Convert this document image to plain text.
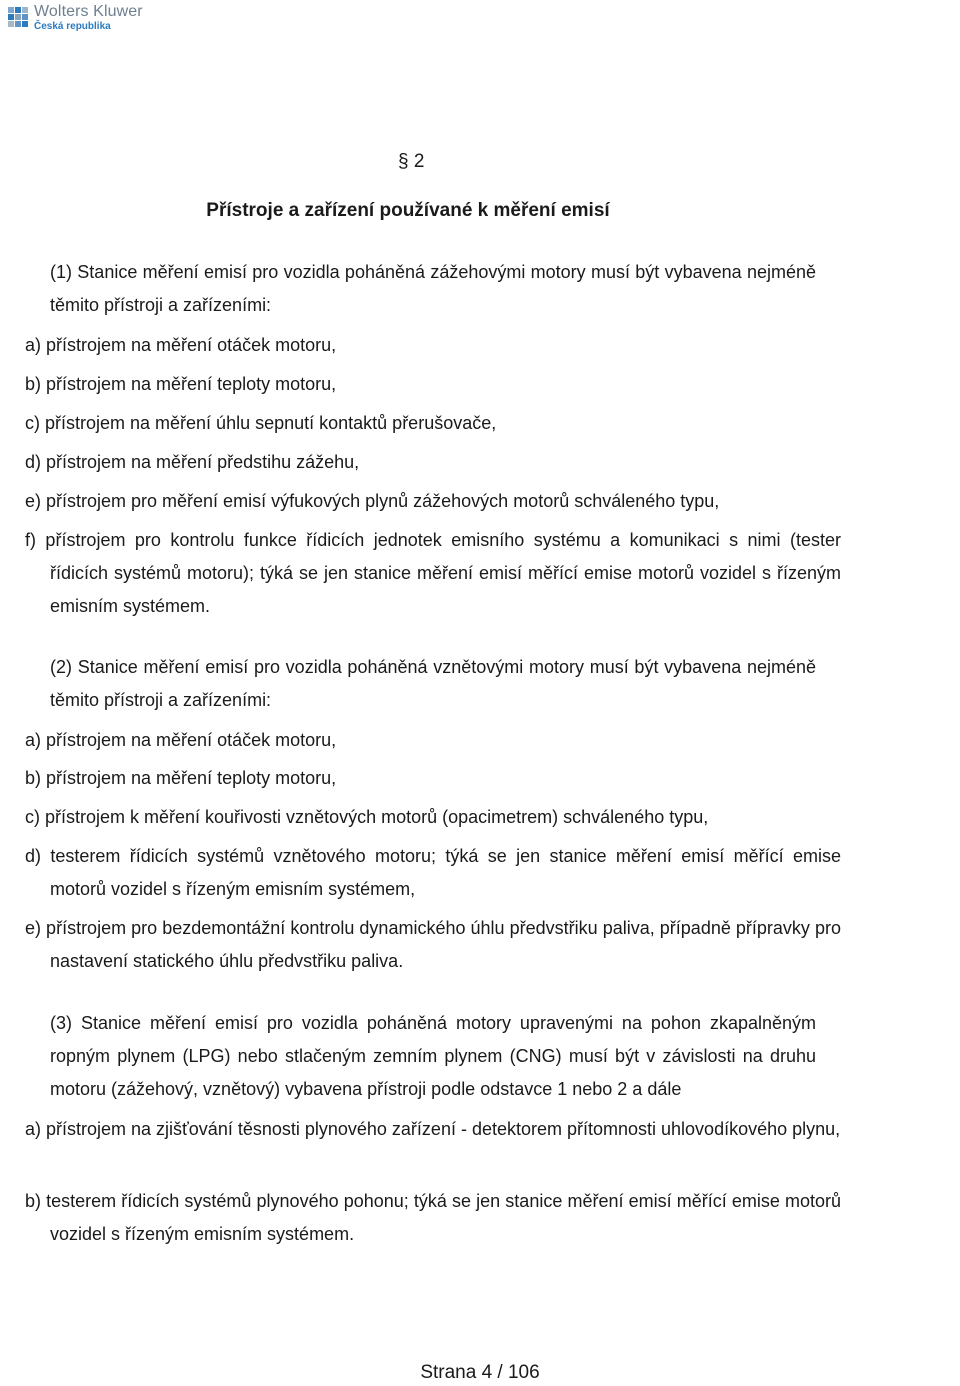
Wolters Kluwer
Česká republika
§ 2
Přístroje a zařízení používané k měření emisí
(1) Stanice měření emisí pro vozidla poháněná zážehovými motory musí být vybavena nejméně těmito přístroji a zařízeními:
a) přístrojem na měření otáček motoru,
b) přístrojem na měření teploty motoru,
c) přístrojem na měření úhlu sepnutí kontaktů přerušovače,
d) přístrojem na měření předstihu zážehu,
e) přístrojem pro měření emisí výfukových plynů zážehových motorů schváleného typu,
f) přístrojem pro kontrolu funkce řídicích jednotek emisního systému a komunikaci s nimi (tester řídicích systémů motoru); týká se jen stanice měření emisí měřící emise motorů vozidel s řízeným emisním systémem.
(2) Stanice měření emisí pro vozidla poháněná vznětovými motory musí být vybavena nejméně těmito přístroji a zařízeními:
a) přístrojem na měření otáček motoru,
b) přístrojem na měření teploty motoru,
c) přístrojem k měření kouřivosti vznětových motorů (opacimetrem) schváleného typu,
d) testerem řídicích systémů vznětového motoru; týká se jen stanice měření emisí měřící emise motorů vozidel s řízeným emisním systémem,
e) přístrojem pro bezdemontážní kontrolu dynamického úhlu předvstřiku paliva, případně přípravky pro nastavení statického úhlu předvstřiku paliva.
(3) Stanice měření emisí pro vozidla poháněná motory upravenými na pohon zkapalněným ropným plynem (LPG) nebo stlačeným zemním plynem (CNG) musí být v závislosti na druhu motoru (zážehový, vznětový) vybavena přístroji podle odstavce 1 nebo 2 a dále
a) přístrojem na zjišťování těsnosti plynového zařízení - detektorem přítomnosti uhlovodíkového plynu,
b) testerem řídicích systémů plynového pohonu; týká se jen stanice měření emisí měřící emise motorů vozidel s řízeným emisním systémem.
Strana 4 / 106
